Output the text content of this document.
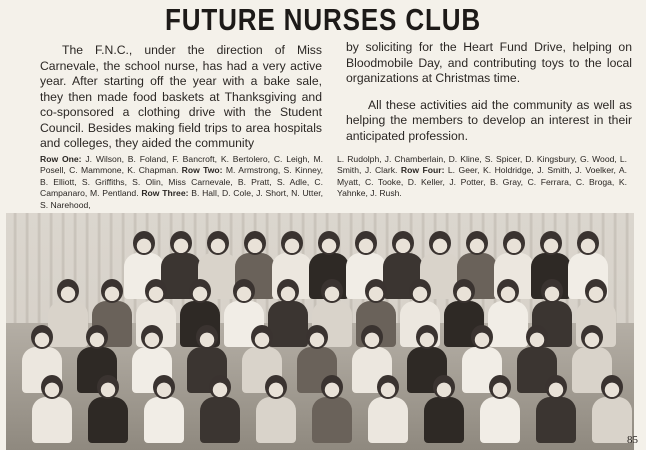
FUTURE NURSES CLUB

The F.N.C., under the direction of Miss Carnevale, the school nurse, has had a very active year. After starting off the year with a bake sale, they then made food baskets at Thanksgiving and co-sponsored a clothing drive with the Student Council. Besides making field trips to area hospitals and colleges, they aided the community

by soliciting for the Heart Fund Drive, helping on Bloodmobile Day, and contributing toys to the local organizations at Christmas time.

All these activities aid the community as well as helping the members to develop an interest in their anticipated profession.

Row One: J. Wilson, B. Foland, F. Bancroft, K. Bertolero, C. Leigh, M. Posell, C. Mammone, K. Chapman. Row Two: M. Armstrong, S. Kinney, B. Elliott, S. Griffiths, S. Olin, Miss Carnevale, B. Pratt, S. Adle, C. Campanaro, M. Pentland. Row Three: B. Hall, D. Cole, J. Short, N. Utter, S. Narehood,
L. Rudolph, J. Chamberlain, D. Kline, S. Spicer, D. Kingsbury, G. Wood, L. Smith, J. Clark. Row Four: L. Geer, K. Holdridge, J. Smith, J. Voelker, A. Myatt, C. Tooke, D. Keller, J. Potter, B. Gray, C. Ferrara, C. Broga, K. Yahnke, J. Rush.
85
